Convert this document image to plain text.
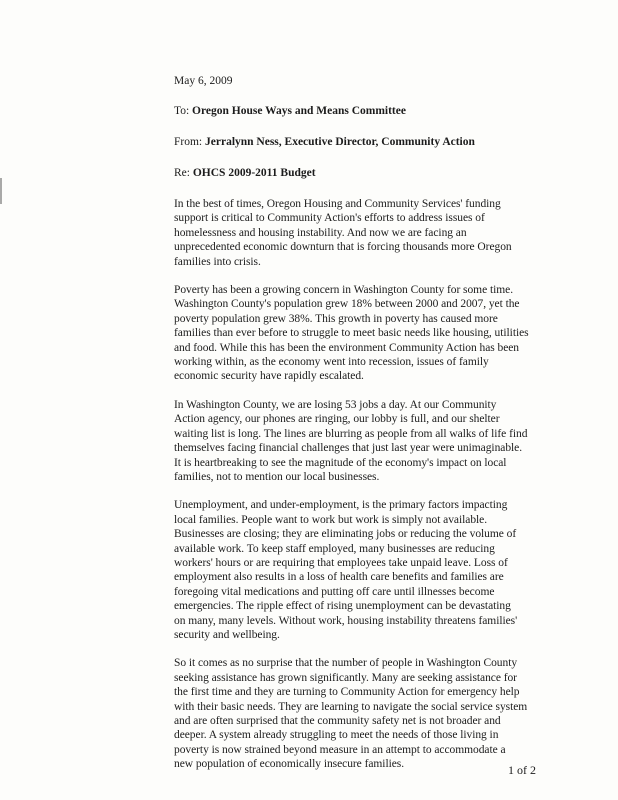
May 6, 2009
To: Oregon House Ways and Means Committee
From: Jerralynn Ness, Executive Director, Community Action
Re: OHCS 2009-2011 Budget
In the best of times, Oregon Housing and Community Services' funding
support is critical to Community Action's efforts to address issues of
homelessness and housing instability. And now we are facing an
unprecedented economic downturn that is forcing thousands more Oregon
families into crisis.
Poverty has been a growing concern in Washington County for some time.
Washington County's population grew 18% between 2000 and 2007, yet the
poverty population grew 38%. This growth in poverty has caused more
families than ever before to struggle to meet basic needs like housing, utilities
and food. While this has been the environment Community Action has been
working within, as the economy went into recession, issues of family
economic security have rapidly escalated.
In Washington County, we are losing 53 jobs a day. At our Community
Action agency, our phones are ringing, our lobby is full, and our shelter
waiting list is long. The lines are blurring as people from all walks of life find
themselves facing financial challenges that just last year were unimaginable.
It is heartbreaking to see the magnitude of the economy's impact on local
families, not to mention our local businesses.
Unemployment, and under-employment, is the primary factors impacting
local families. People want to work but work is simply not available.
Businesses are closing; they are eliminating jobs or reducing the volume of
available work. To keep staff employed, many businesses are reducing
workers' hours or are requiring that employees take unpaid leave. Loss of
employment also results in a loss of health care benefits and families are
foregoing vital medications and putting off care until illnesses become
emergencies. The ripple effect of rising unemployment can be devastating
on many, many levels. Without work, housing instability threatens families'
security and wellbeing.
So it comes as no surprise that the number of people in Washington County
seeking assistance has grown significantly. Many are seeking assistance for
the first time and they are turning to Community Action for emergency help
with their basic needs. They are learning to navigate the social service system
and are often surprised that the community safety net is not broader and
deeper. A system already struggling to meet the needs of those living in
poverty is now strained beyond measure in an attempt to accommodate a
new population of economically insecure families.	1 of 2
